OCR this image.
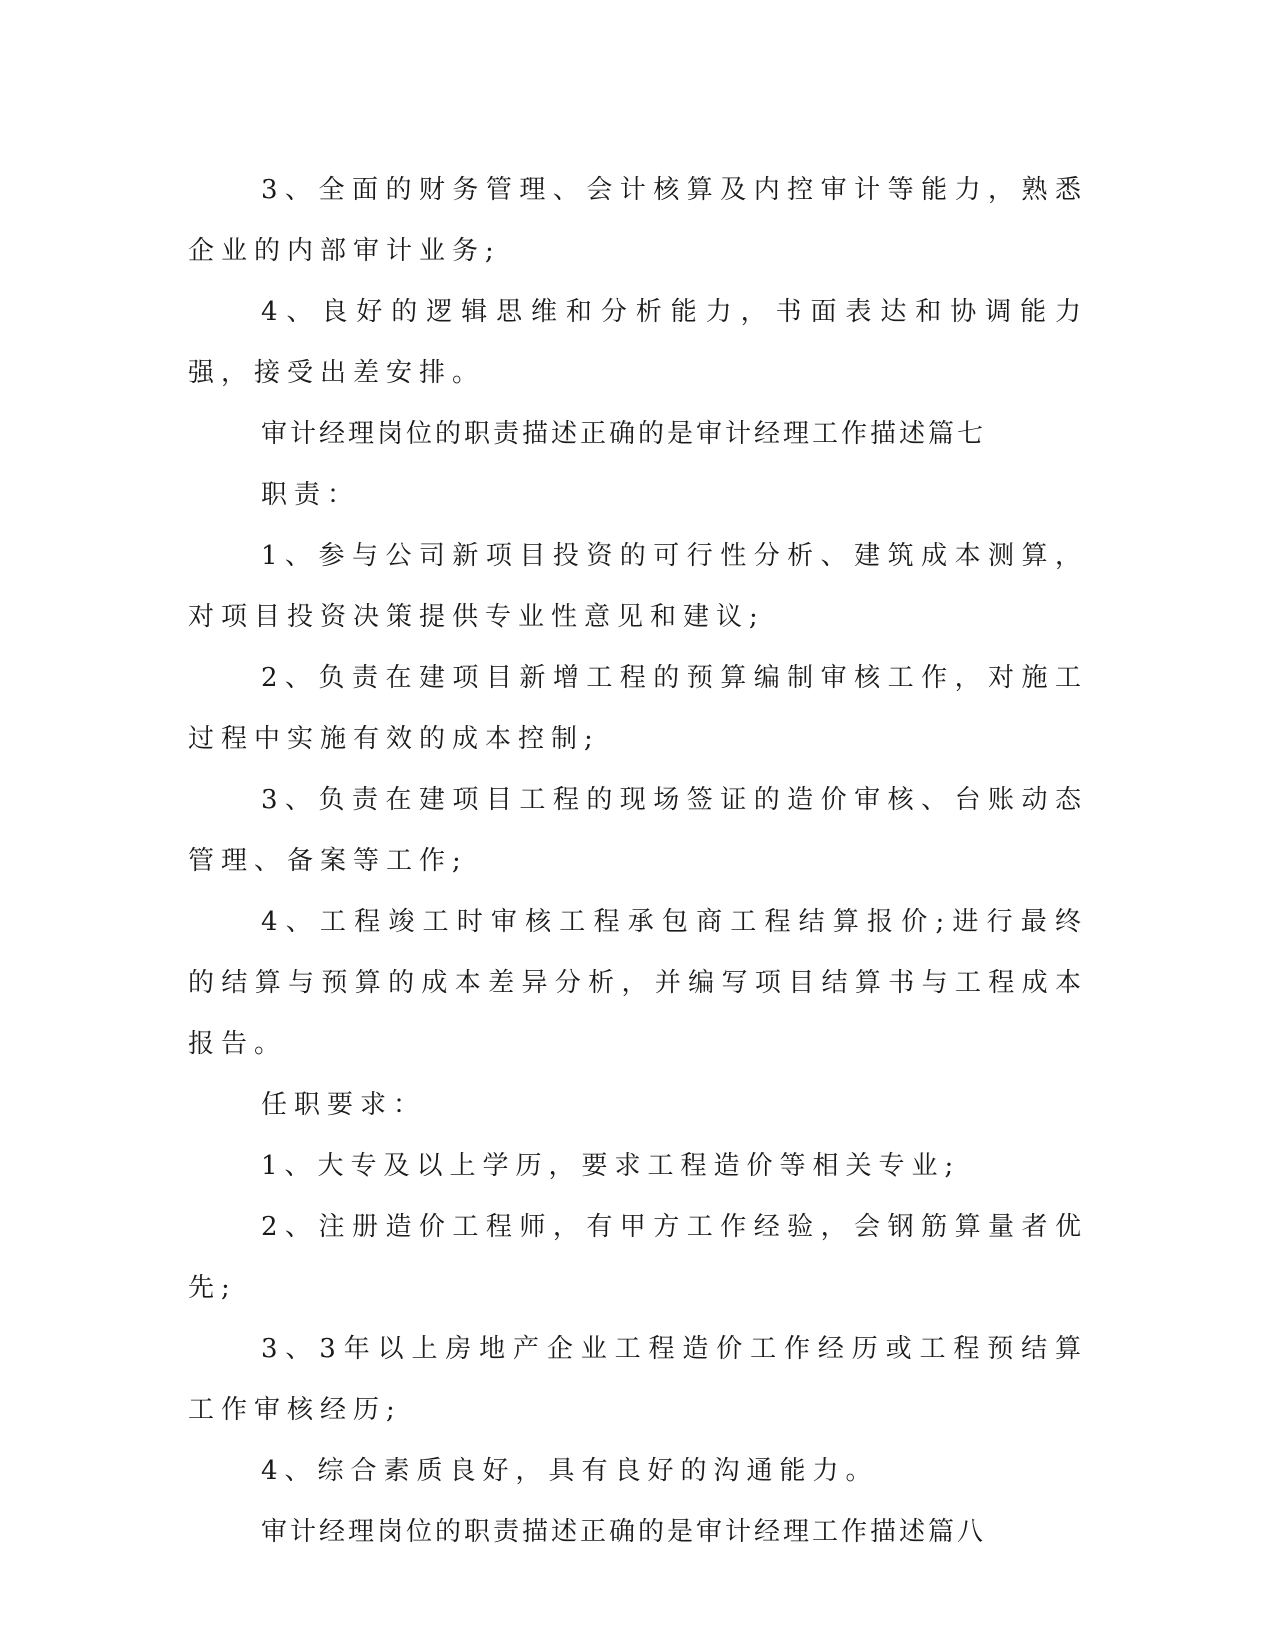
3、全面的财务管理、会计核算及内控审计等能力，熟悉企业的内部审计业务;

4、良好的逻辑思维和分析能力，书面表达和协调能力强，接受出差安排。

审计经理岗位的职责描述正确的是审计经理工作描述篇七

职责：

1、参与公司新项目投资的可行性分析、建筑成本测算，对项目投资决策提供专业性意见和建议;

2、负责在建项目新增工程的预算编制审核工作，对施工过程中实施有效的成本控制;

3、负责在建项目工程的现场签证的造价审核、台账动态管理、备案等工作;

4、工程竣工时审核工程承包商工程结算报价;进行最终的结算与预算的成本差异分析，并编写项目结算书与工程成本报告。

任职要求：

1、大专及以上学历，要求工程造价等相关专业;

2、注册造价工程师，有甲方工作经验，会钢筋算量者优先;

3、3年以上房地产企业工程造价工作经历或工程预结算工作审核经历;

4、综合素质良好，具有良好的沟通能力。

审计经理岗位的职责描述正确的是审计经理工作描述篇八
